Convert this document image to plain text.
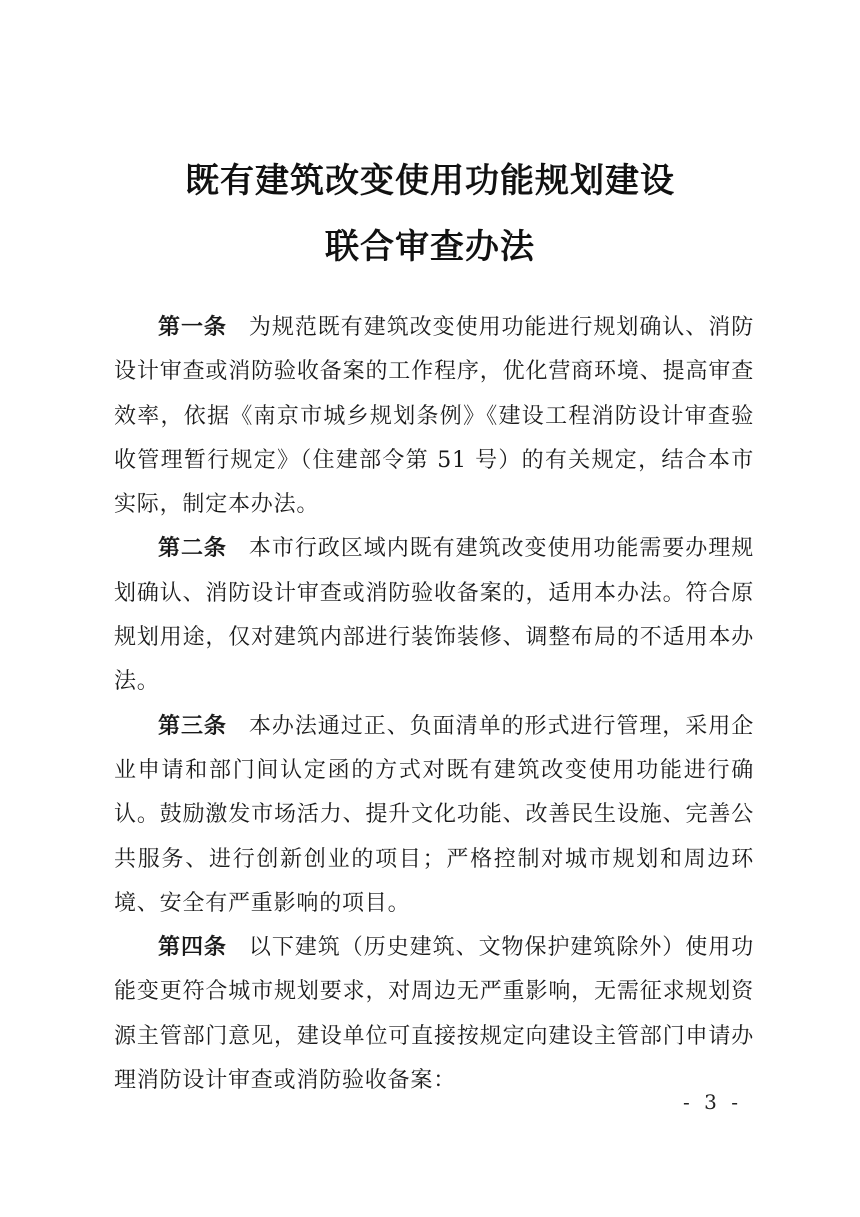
既有建筑改变使用功能规划建设
联合审查办法

第一条 为规范既有建筑改变使用功能进行规划确认、消防设计审查或消防验收备案的工作程序，优化营商环境、提高审查效率，依据《南京市城乡规划条例》《建设工程消防设计审查验收管理暂行规定》（住建部令第 51 号）的有关规定，结合本市实际，制定本办法。

第二条 本市行政区域内既有建筑改变使用功能需要办理规划确认、消防设计审查或消防验收备案的，适用本办法。符合原规划用途，仅对建筑内部进行装饰装修、调整布局的不适用本办法。

第三条 本办法通过正、负面清单的形式进行管理，采用企业申请和部门间认定函的方式对既有建筑改变使用功能进行确认。鼓励激发市场活力、提升文化功能、改善民生设施、完善公共服务、进行创新创业的项目；严格控制对城市规划和周边环境、安全有严重影响的项目。

第四条 以下建筑（历史建筑、文物保护建筑除外）使用功能变更符合城市规划要求，对周边无严重影响，无需征求规划资源主管部门意见，建设单位可直接按规定向建设主管部门申请办理消防设计审查或消防验收备案：

- 3 -
